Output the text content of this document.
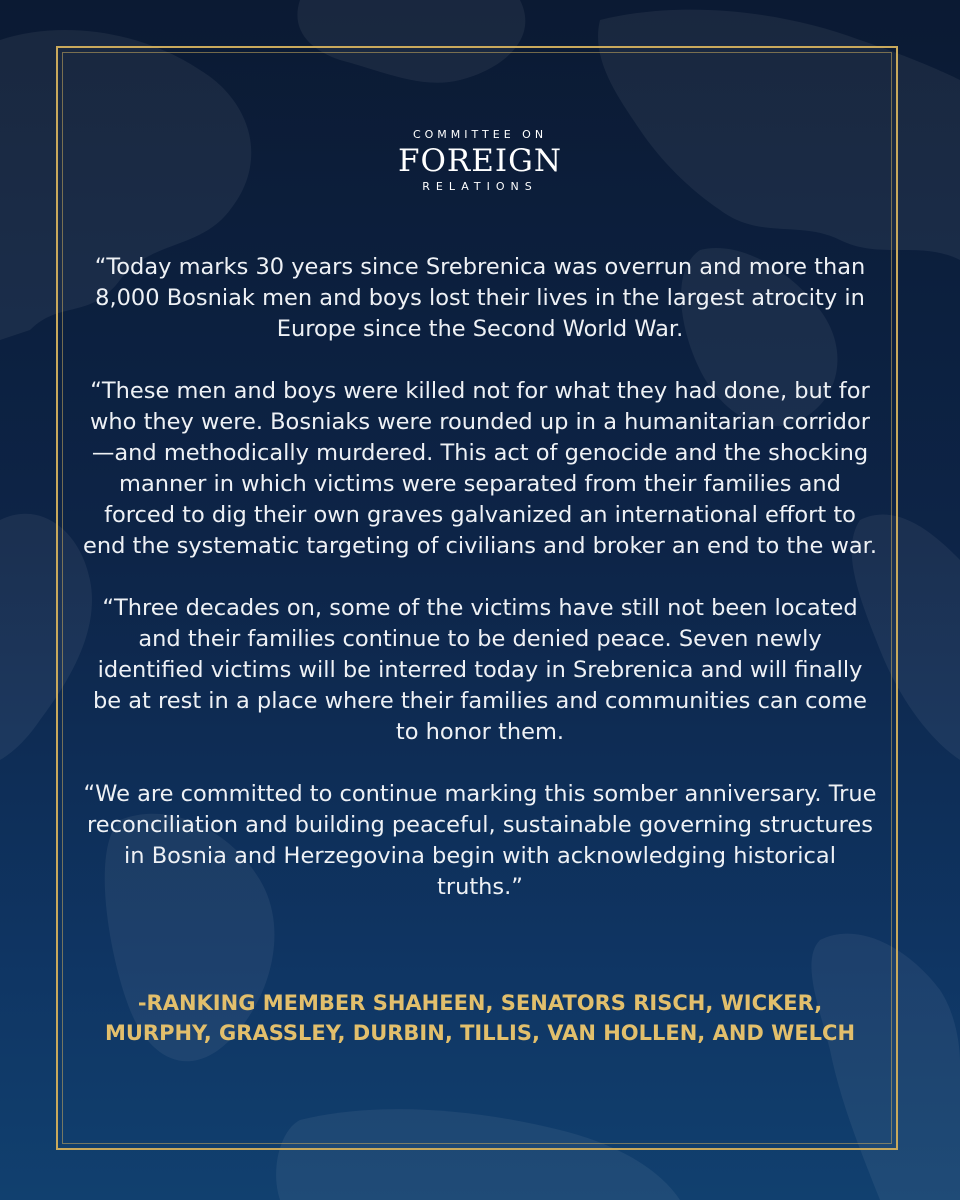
COMMITTEE ON
FOREIGN
RELATIONS

“Today marks 30 years since Srebrenica was overrun and more than 8,000 Bosniak men and boys lost their lives in the largest atrocity in Europe since the Second World War.

“These men and boys were killed not for what they had done, but for who they were. Bosniaks were rounded up in a humanitarian corridor—and methodically murdered. This act of genocide and the shocking manner in which victims were separated from their families and forced to dig their own graves galvanized an international effort to end the systematic targeting of civilians and broker an end to the war.

“Three decades on, some of the victims have still not been located and their families continue to be denied peace. Seven newly identified victims will be interred today in Srebrenica and will finally be at rest in a place where their families and communities can come to honor them.

“We are committed to continue marking this somber anniversary. True reconciliation and building peaceful, sustainable governing structures in Bosnia and Herzegovina begin with acknowledging historical truths.”

-RANKING MEMBER SHAHEEN, SENATORS RISCH, WICKER, MURPHY, GRASSLEY, DURBIN, TILLIS, VAN HOLLEN, AND WELCH
